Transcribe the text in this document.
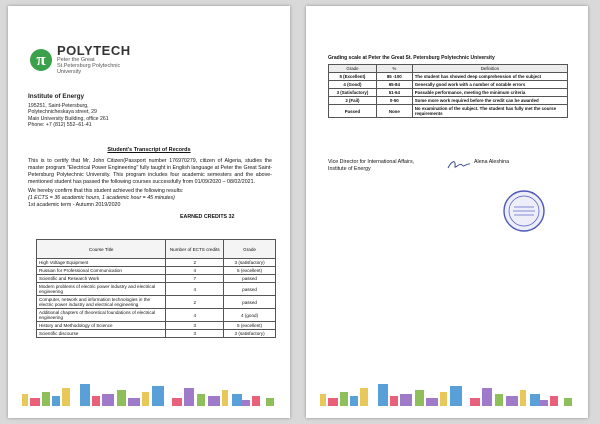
π POLYTECH
Peter the Great
St.Petersburg Polytechnic
University
Institute of Energy
195251, Saint-Petersburg,
Polytechnicheskaya street, 29
Main University Building, office 261
Phone: +7 (812) 552–61-41
Student's Transcript of Records
This is to certify that Mr. John Citizen(Passport number 176970279, citizen of Algeria, studies the master program "Electrical Power Engineering" fully taught in English language at Peter the Great Saint-Petersburg Polytechnic University. This program includes four academic semesters and the above-mentioned student has passed the following courses successfully from 01/09/2020 – 08/02/2021.
We hereby confirm that this student achieved the following results:
(1 ECTS = 36 academic hours, 1 academic hour = 45 minutes)
1st academic term - Autumn 2019/2020
EARNED CREDITS 32
Course Title	Number of ECTS credits	Grade
High Voltage Equipment	2	3 (satisfactory)
Russian for Professional Communication	4	5 (excellent)
Scientific and Research Work	7	passed
Modern problems of electric power industry and electrical engineering	4	passed
Computer, network and information technologies in the electric power industry and electrical engineering	2	passed
Additional chapters of theoretical foundations of electrical engineering	4	4 (good)
History and Methodology of Science	3	5 (excellent)
Scientific discourse	3	3 (satisfactory)
Grading scale at Peter the Great St. Petersburg Polytechnic University
Grade	%	Definition
5 (Excellent)	85 -100	The student has showed deep comprehension of the subject
4 (Good)	65-84	Generally good work with a number of notable errors
3 (Satisfactory)	51-64	Passable performance, meeting the minimum criteria
2 (Fail)	0-50	Some more work required before the credit can be awarded
Passed	None	No examination of the subject. The student has fully met the course requirements
Vice Director for International Affairs,
Institute of Energy
Alena Aleshina
